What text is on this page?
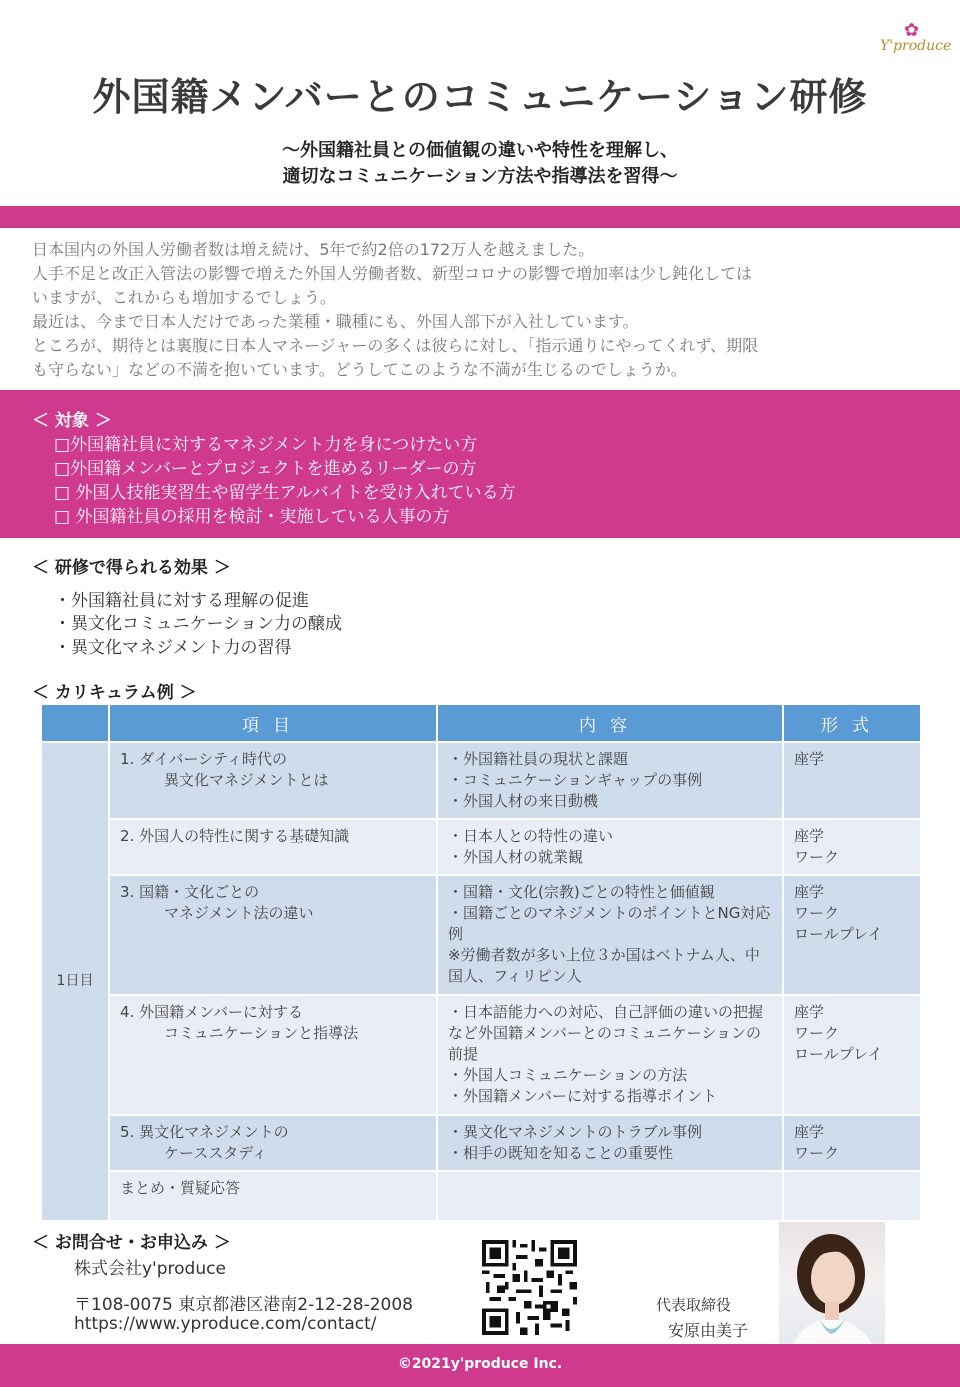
✿
Y'produce
外国籍メンバーとのコミュニケーション研修
～外国籍社員との価値観の違いや特性を理解し、
適切なコミュニケーション方法や指導法を習得～
日本国内の外国人労働者数は増え続け、5年で約2倍の172万人を越えました。
人手不足と改正入管法の影響で増えた外国人労働者数、新型コロナの影響で増加率は少し鈍化しては
いますが、これからも増加するでしょう。
最近は、今まで日本人だけであった業種・職種にも、外国人部下が入社しています。
ところが、期待とは裏腹に日本人マネージャーの多くは彼らに対し、「指示通りにやってくれず、期限
も守らない」などの不満を抱いています。どうしてこのような不満が生じるのでしょうか。
＜ 対象 ＞
□外国籍社員に対するマネジメント力を身につけたい方
□外国籍メンバーとプロジェクトを進めるリーダーの方
□ 外国人技能実習生や留学生アルバイトを受け入れている方
□ 外国籍社員の採用を検討・実施している人事の方
＜ 研修で得られる効果 ＞
・外国籍社員に対する理解の促進
・異文化コミュニケーション力の醸成
・異文化マネジメント力の習得
＜ カリキュラム例 ＞
	項目	内容	形式
1日目	1. ダイバーシティ時代の
異文化マネジメントとは	・外国籍社員の現状と課題
・コミュニケーションギャップの事例
・外国人材の来日動機	座学

	2. 外国人の特性に関する基礎知識	・日本人との特性の違い
・外国人材の就業観	座学
ワーク

	3. 国籍・文化ごとの
マネジメント法の違い	・国籍・文化(宗教)ごとの特性と価値観
・国籍ごとのマネジメントのポイントとNG対応例
※労働者数が多い上位３か国はベトナム人、中国人、フィリピン人	座学
ワーク
ロールプレイ

	4. 外国籍メンバーに対する
コミュニケーションと指導法	・日本語能力への対応、自己評価の違いの把握など外国籍メンバーとのコミュニケーションの前提
・外国人コミュニケーションの方法
・外国籍メンバーに対する指導ポイント	座学
ワーク
ロールプレイ

	5. 異文化マネジメントの
ケーススタディ	・異文化マネジメントのトラブル事例
・相手の既知を知ることの重要性	座学
ワーク

	まとめ・質疑応答		

＜ お問合せ・お申込み ＞
株式会社y'produce
〒108-0075 東京都港区港南2-12-28-2008
https://www.yproduce.com/contact/
代表取締役
安原由美子
©2021y'produce Inc.
